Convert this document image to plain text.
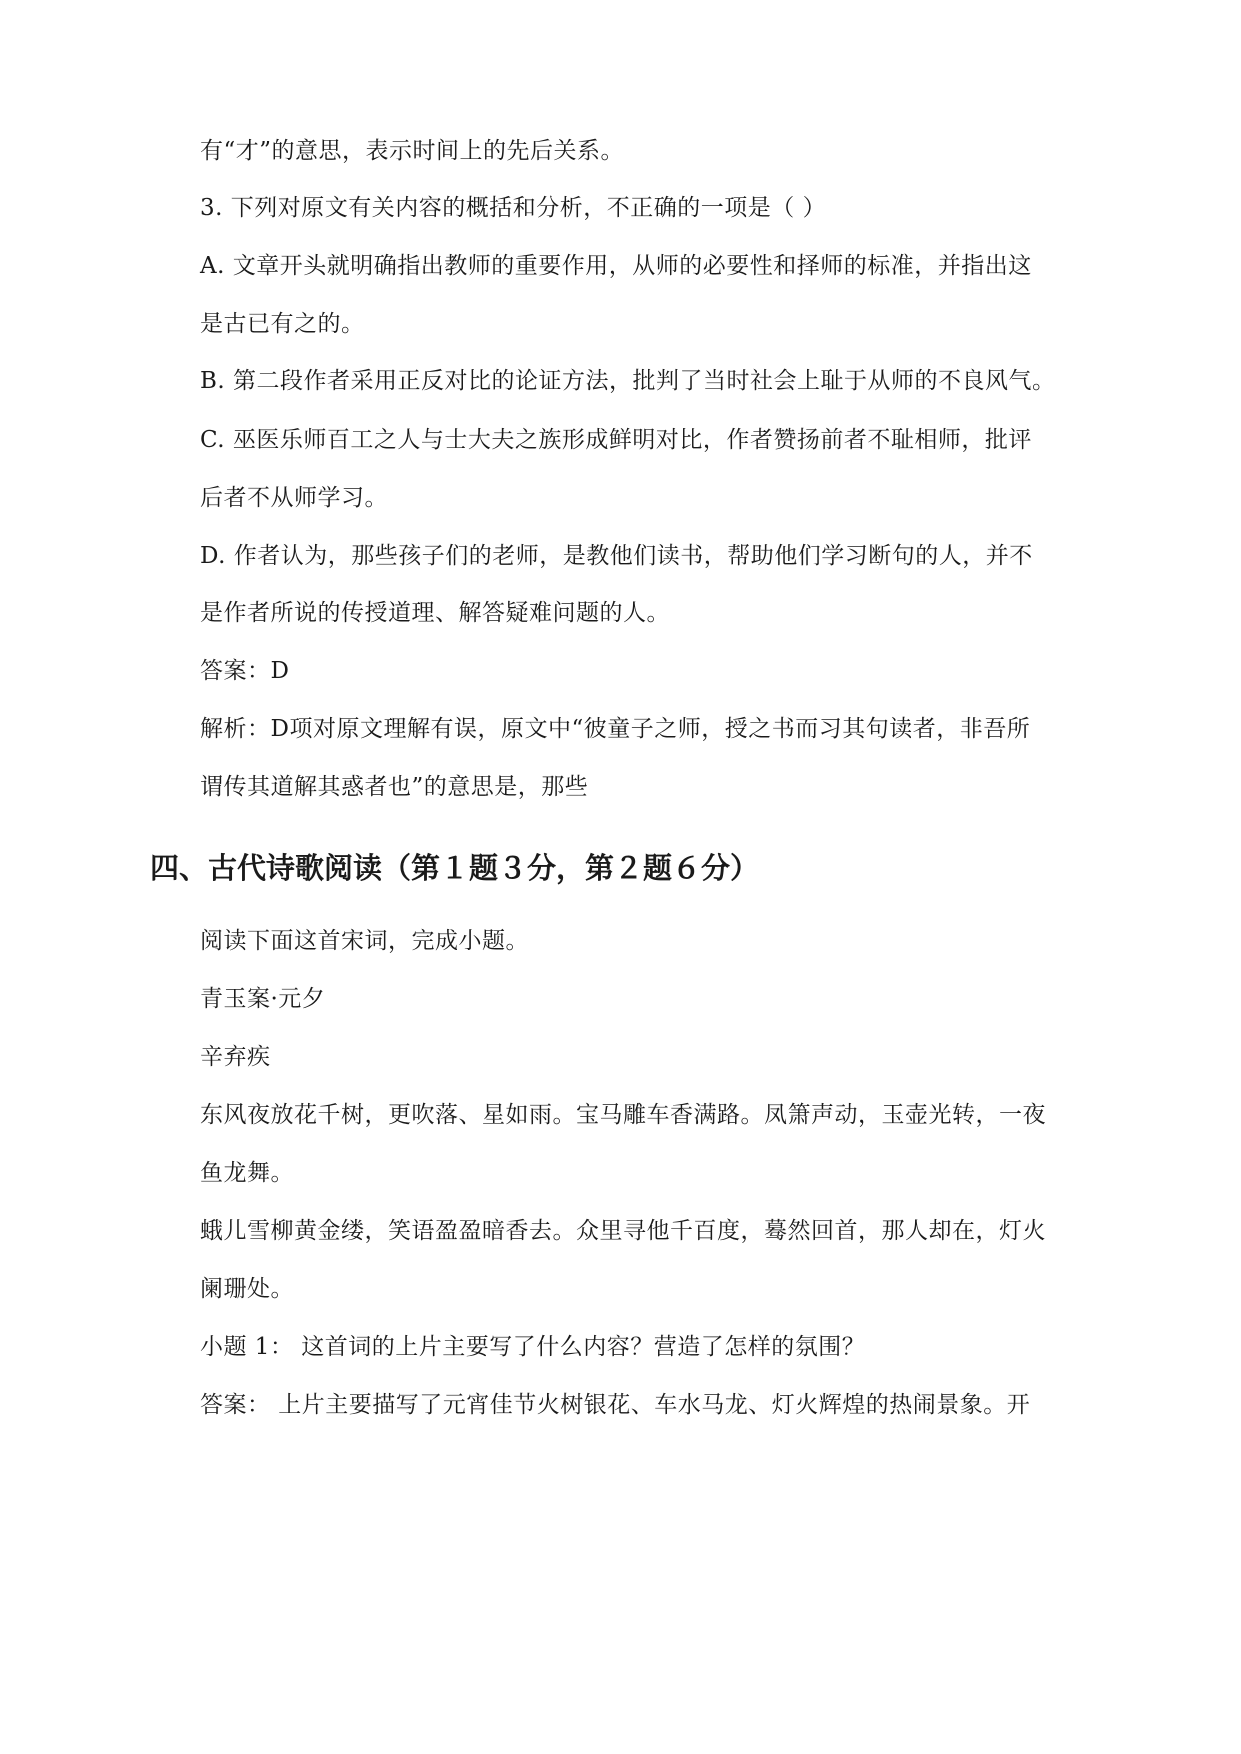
有“才”的意思，表示时间上的先后关系。
3. 下列对原文有关内容的概括和分析，不正确的一项是（ ）
A. 文章开头就明确指出教师的重要作用，从师的必要性和择师的标准，并指出这
是古已有之的。
B. 第二段作者采用正反对比的论证方法，批判了当时社会上耻于从师的不良风气。
C. 巫医乐师百工之人与士大夫之族形成鲜明对比，作者赞扬前者不耻相师，批评
后者不从师学习。
D. 作者认为，那些孩子们的老师，是教他们读书，帮助他们学习断句的人，并不
是作者所说的传授道理、解答疑难问题的人。
答案：D
解析：D项对原文理解有误，原文中“彼童子之师，授之书而习其句读者，非吾所
谓传其道解其惑者也”的意思是，那些
四、古代诗歌阅读（第１题３分，第２题６分）
阅读下面这首宋词，完成小题。
青玉案·元夕
辛弃疾
东风夜放花千树，更吹落、星如雨。宝马雕车香满路。凤箫声动，玉壶光转，一夜
鱼龙舞。
蛾儿雪柳黄金缕，笑语盈盈暗香去。众里寻他千百度，蓦然回首，那人却在，灯火
阑珊处。
小题 1： 这首词的上片主要写了什么内容？营造了怎样的氛围？
答案： 上片主要描写了元宵佳节火树银花、车水马龙、灯火辉煌的热闹景象。开
